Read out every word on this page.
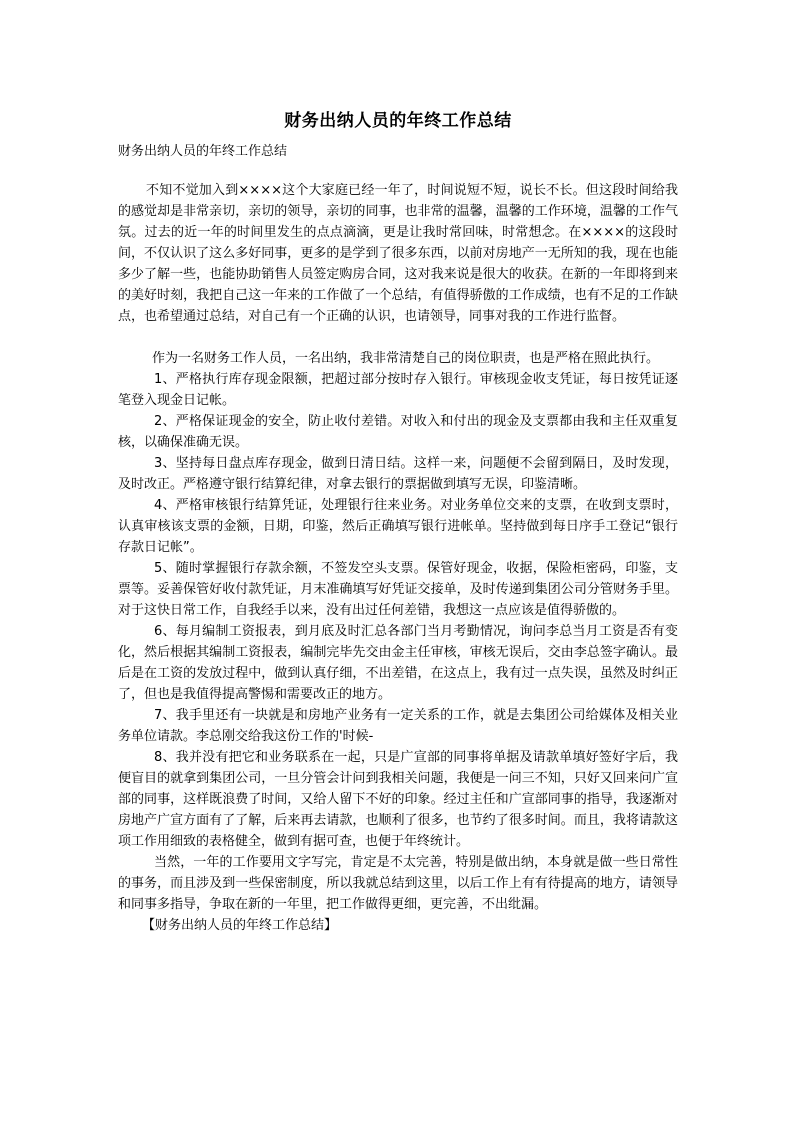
财务出纳人员的年终工作总结

财务出纳人员的年终工作总结

不知不觉加入到××××这个大家庭已经一年了，时间说短不短，说长不长。但这段时间给我的感觉却是非常亲切，亲切的领导，亲切的同事，也非常的温馨，温馨的工作环境，温馨的工作气氛。过去的近一年的时间里发生的点点滴滴，更是让我时常回味，时常想念。在××××的这段时间，不仅认识了这么多好同事，更多的是学到了很多东西，以前对房地产一无所知的我，现在也能多少了解一些，也能协助销售人员签定购房合同，这对我来说是很大的收获。在新的一年即将到来的美好时刻，我把自己这一年来的工作做了一个总结，有值得骄傲的工作成绩，也有不足的工作缺点，也希望通过总结，对自己有一个正确的认识，也请领导，同事对我的工作进行监督。

作为一名财务工作人员，一名出纳，我非常清楚自己的岗位职责，也是严格在照此执行。

1、严格执行库存现金限额，把超过部分按时存入银行。审核现金收支凭证，每日按凭证逐笔登入现金日记帐。

2、严格保证现金的安全，防止收付差错。对收入和付出的现金及支票都由我和主任双重复核，以确保准确无误。

3、坚持每日盘点库存现金，做到日清日结。这样一来，问题便不会留到隔日，及时发现，及时改正。严格遵守银行结算纪律，对拿去银行的票据做到填写无误，印鉴清晰。

4、严格审核银行结算凭证，处理银行往来业务。对业务单位交来的支票，在收到支票时，认真审核该支票的金额，日期，印鉴，然后正确填写银行进帐单。坚持做到每日序手工登记“银行存款日记帐”。

5、随时掌握银行存款余额，不签发空头支票。保管好现金，收据，保险柜密码，印鉴，支票等。妥善保管好收付款凭证，月末准确填写好凭证交接单，及时传递到集团公司分管财务手里。对于这快日常工作，自我经手以来，没有出过任何差错，我想这一点应该是值得骄傲的。

6、每月编制工资报表，到月底及时汇总各部门当月考勤情况，询问李总当月工资是否有变化，然后根据其编制工资报表，编制完毕先交由金主任审核，审核无误后，交由李总签字确认。最后是在工资的发放过程中，做到认真仔细，不出差错，在这点上，我有过一点失误，虽然及时纠正了，但也是我值得提高警惕和需要改正的地方。

7、我手里还有一块就是和房地产业务有一定关系的工作，就是去集团公司给媒体及相关业务单位请款。李总刚交给我这份工作的'时候-

8、我并没有把它和业务联系在一起，只是广宣部的同事将单据及请款单填好签好字后，我便盲目的就拿到集团公司，一旦分管会计问到我相关问题，我便是一问三不知，只好又回来问广宣部的同事，这样既浪费了时间，又给人留下不好的印象。经过主任和广宣部同事的指导，我逐渐对房地产广宣方面有了了解，后来再去请款，也顺利了很多，也节约了很多时间。而且，我将请款这项工作用细致的表格健全，做到有据可查，也便于年终统计。

当然，一年的工作要用文字写完，肯定是不太完善，特别是做出纳，本身就是做一些日常性的事务，而且涉及到一些保密制度，所以我就总结到这里，以后工作上有有待提高的地方，请领导和同事多指导，争取在新的一年里，把工作做得更细，更完善，不出纰漏。

【财务出纳人员的年终工作总结】
